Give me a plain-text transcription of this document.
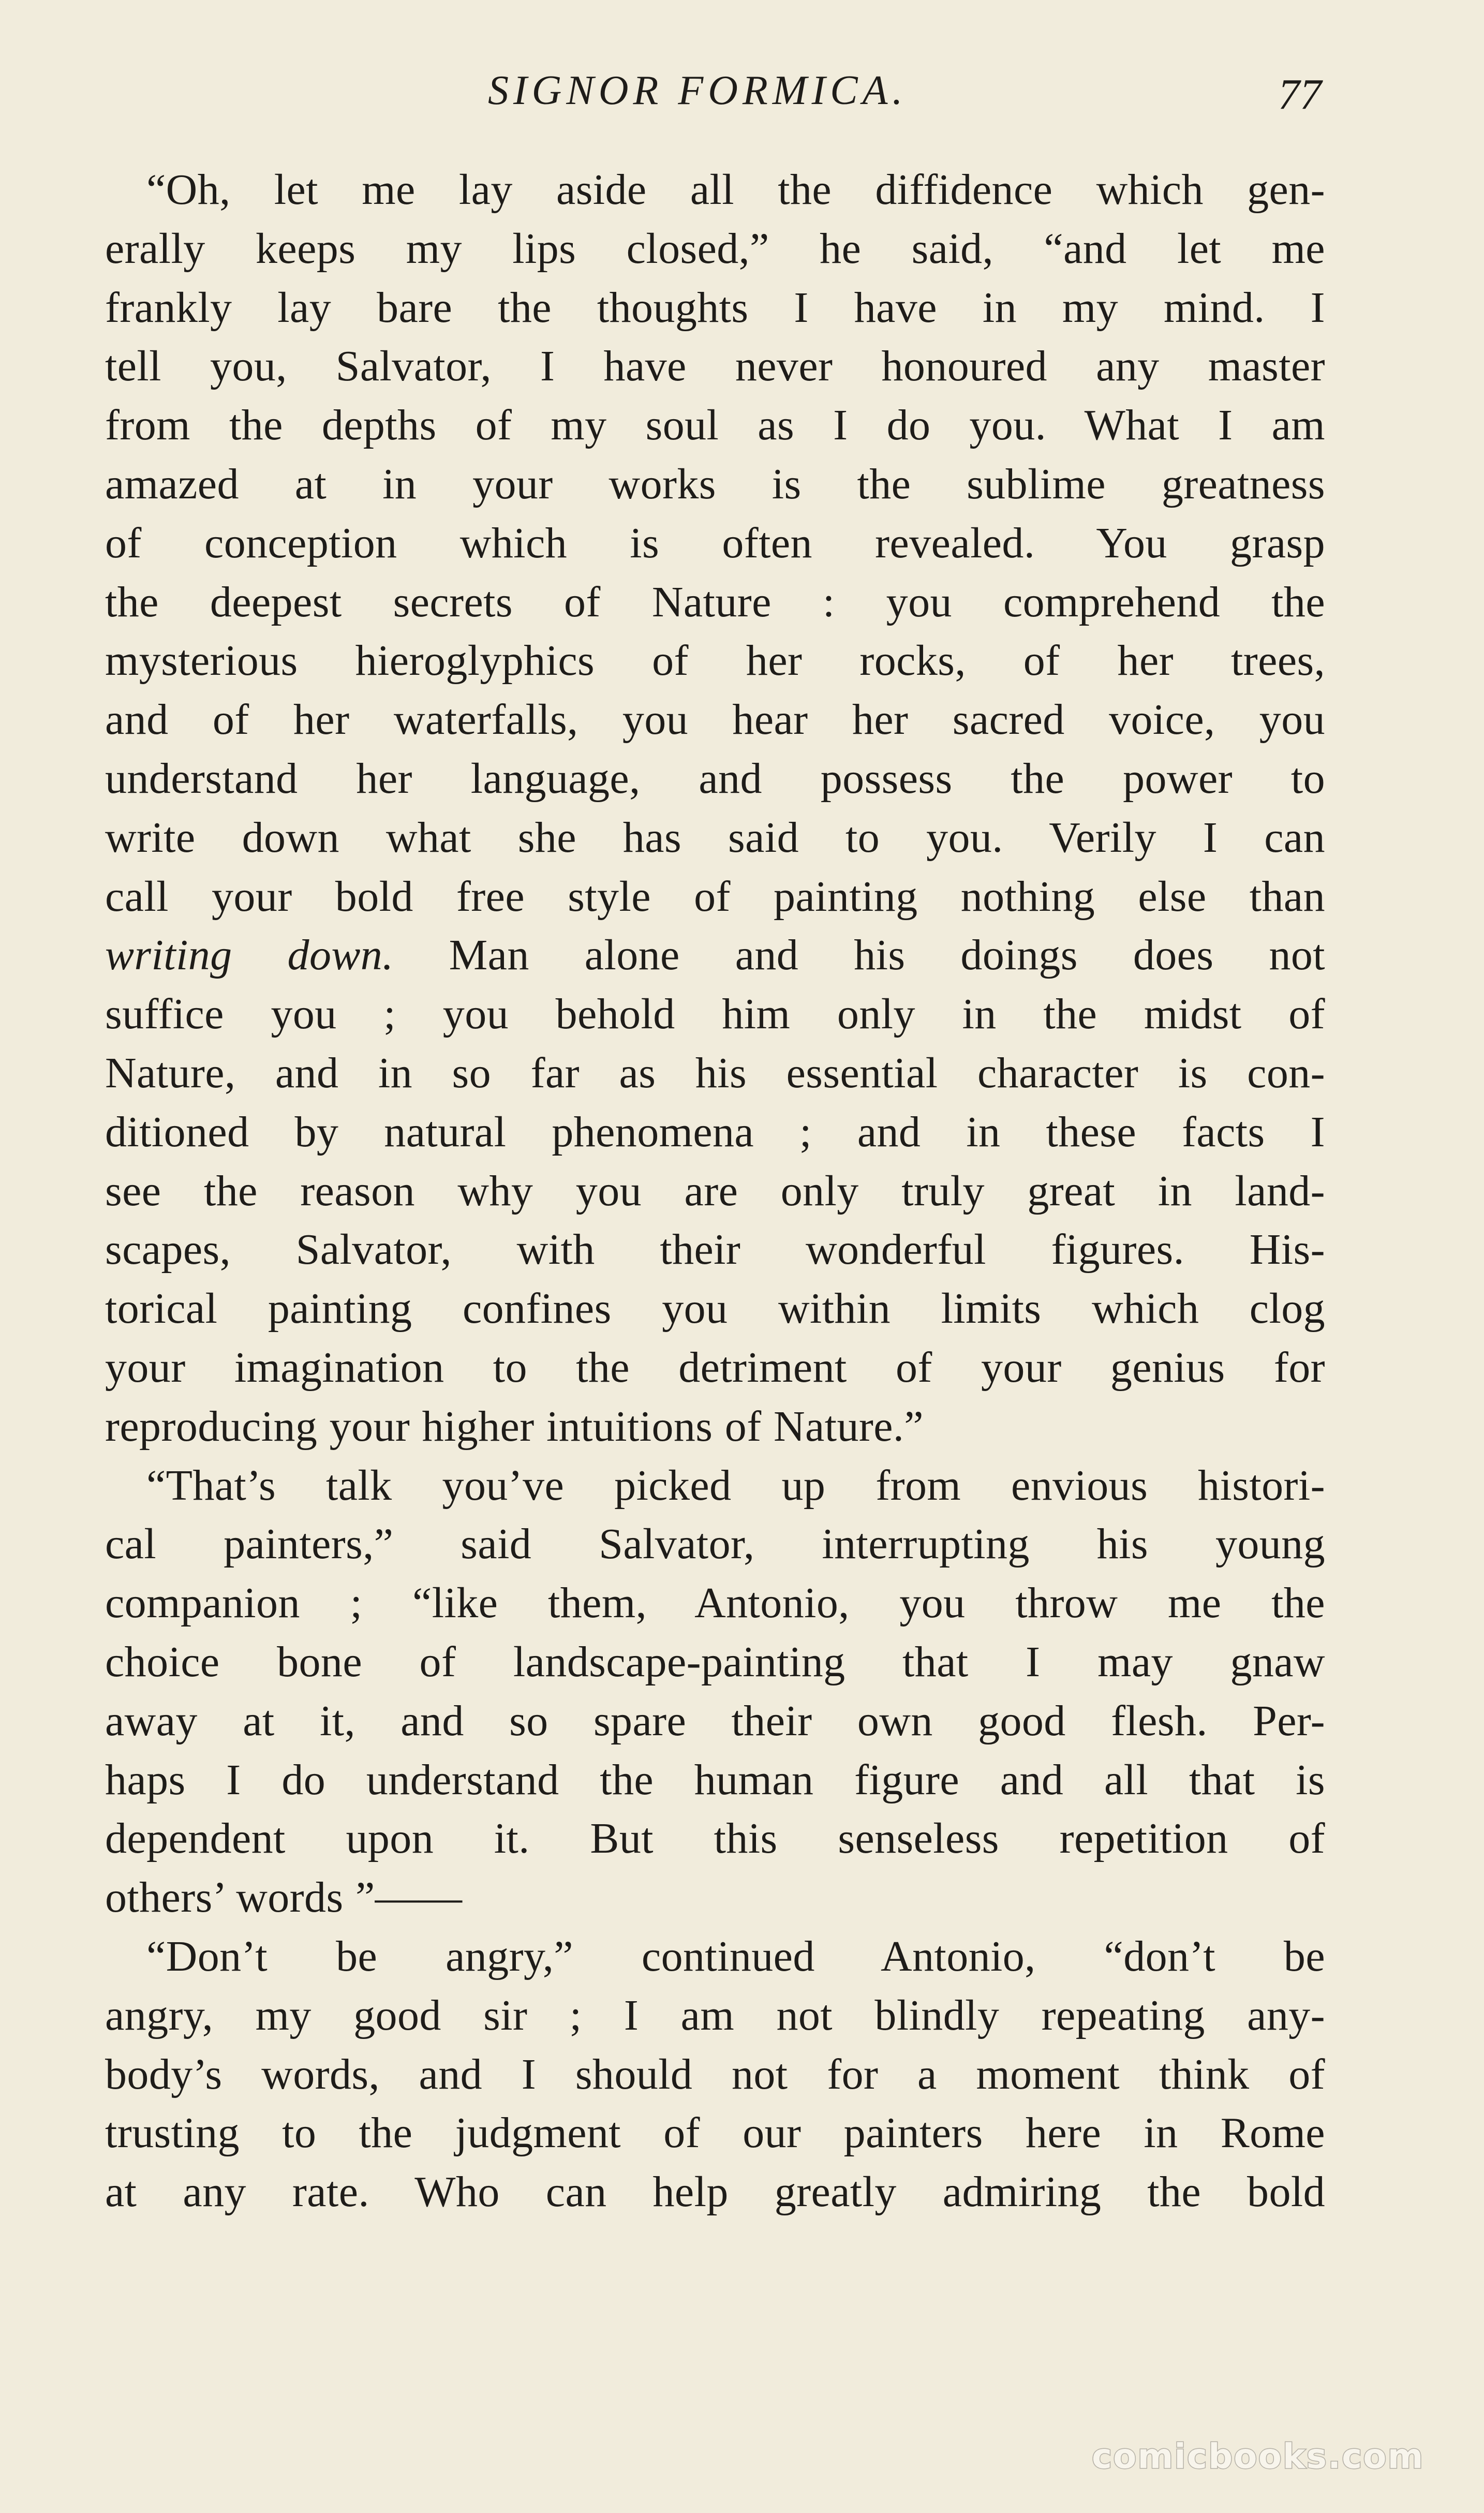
SIGNOR FORMICA.	77
“Oh, let me lay aside all the diffidence which gen-
erally keeps my lips closed,” he said, “and let me
frankly lay bare the thoughts I have in my mind. I
tell you, Salvator, I have never honoured any master
from the depths of my soul as I do you. What I am
amazed at in your works is the sublime greatness
of conception which is often revealed. You grasp
the deepest secrets of Nature : you comprehend the
mysterious hieroglyphics of her rocks, of her trees,
and of her waterfalls, you hear her sacred voice, you
understand her language, and possess the power to
write down what she has said to you. Verily I can
call your bold free style of painting nothing else than
writing down. Man alone and his doings does not
suffice you ; you behold him only in the midst of
Nature, and in so far as his essential character is con-
ditioned by natural phenomena ; and in these facts I
see the reason why you are only truly great in land-
scapes, Salvator, with their wonderful figures. His-
torical painting confines you within limits which clog
your imagination to the detriment of your genius for
reproducing your higher intuitions of Nature.”
“That’s talk you’ve picked up from envious histori-
cal painters,” said Salvator, interrupting his young
companion ; “like them, Antonio, you throw me the
choice bone of landscape-painting that I may gnaw
away at it, and so spare their own good flesh. Per-
haps I do understand the human figure and all that is
dependent upon it. But this senseless repetition of
others’ words ”——
“Don’t be angry,” continued Antonio, “don’t be
angry, my good sir ; I am not blindly repeating any-
body’s words, and I should not for a moment think of
trusting to the judgment of our painters here in Rome
at any rate. Who can help greatly admiring the bold
comicbooks.com
